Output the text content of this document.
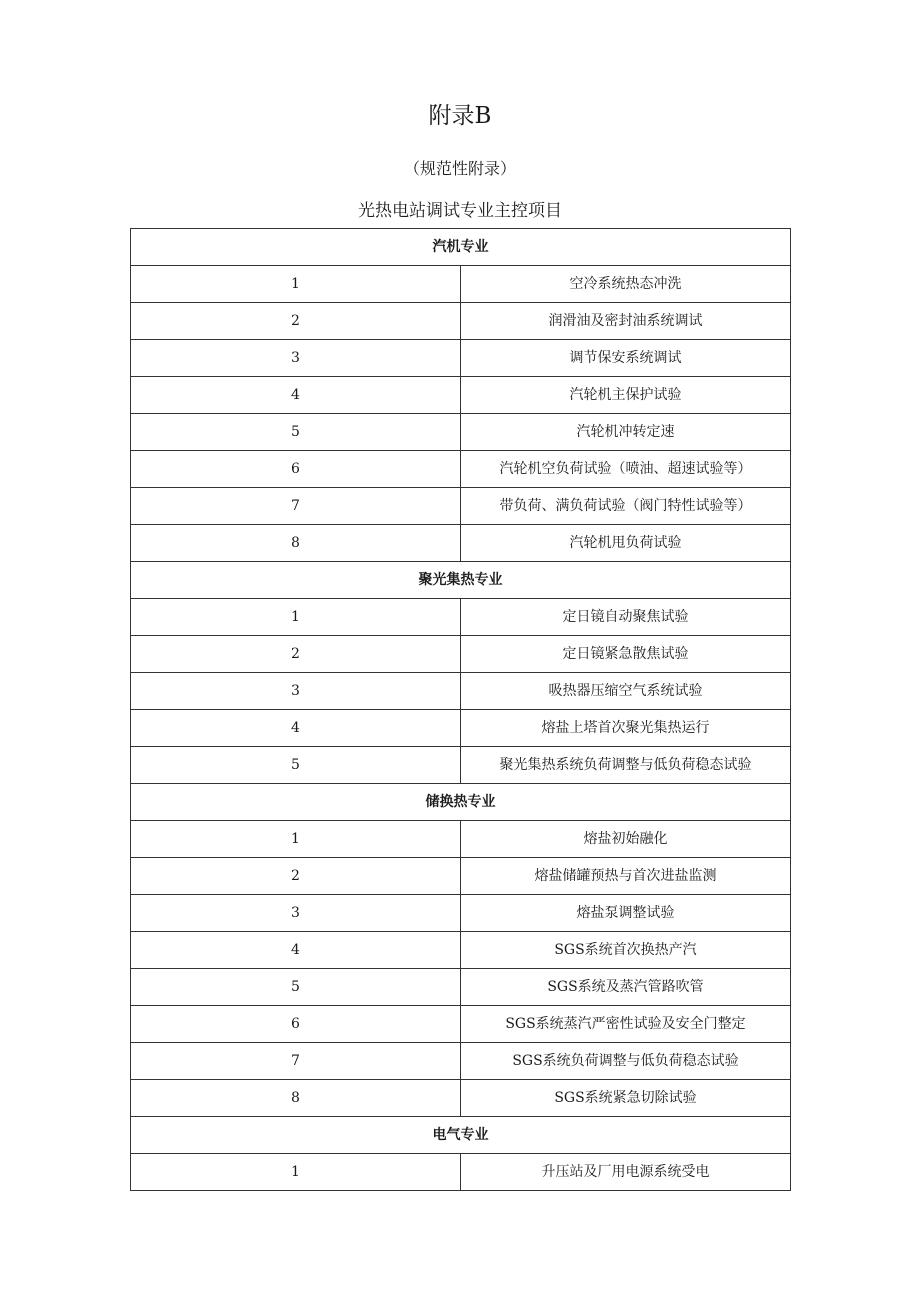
附录B
（规范性附录）
光热电站调试专业主控项目
汽机专业	
1	空冷系统热态冲洗
2	润滑油及密封油系统调试
3	调节保安系统调试
4	汽轮机主保护试验
5	汽轮机冲转定速
6	汽轮机空负荷试验（喷油、超速试验等）
7	带负荷、满负荷试验（阀门特性试验等）
8	汽轮机甩负荷试验
聚光集热专业	
1	定日镜自动聚焦试验
2	定日镜紧急散焦试验
3	吸热器压缩空气系统试验
4	熔盐上塔首次聚光集热运行
5	聚光集热系统负荷调整与低负荷稳态试验
储换热专业	
1	熔盐初始融化
2	熔盐储罐预热与首次进盐监测
3	熔盐泵调整试验
4	SGS系统首次换热产汽
5	SGS系统及蒸汽管路吹管
6	SGS系统蒸汽严密性试验及安全门整定
7	SGS系统负荷调整与低负荷稳态试验
8	SGS系统紧急切除试验
电气专业	
1	升压站及厂用电源系统受电
